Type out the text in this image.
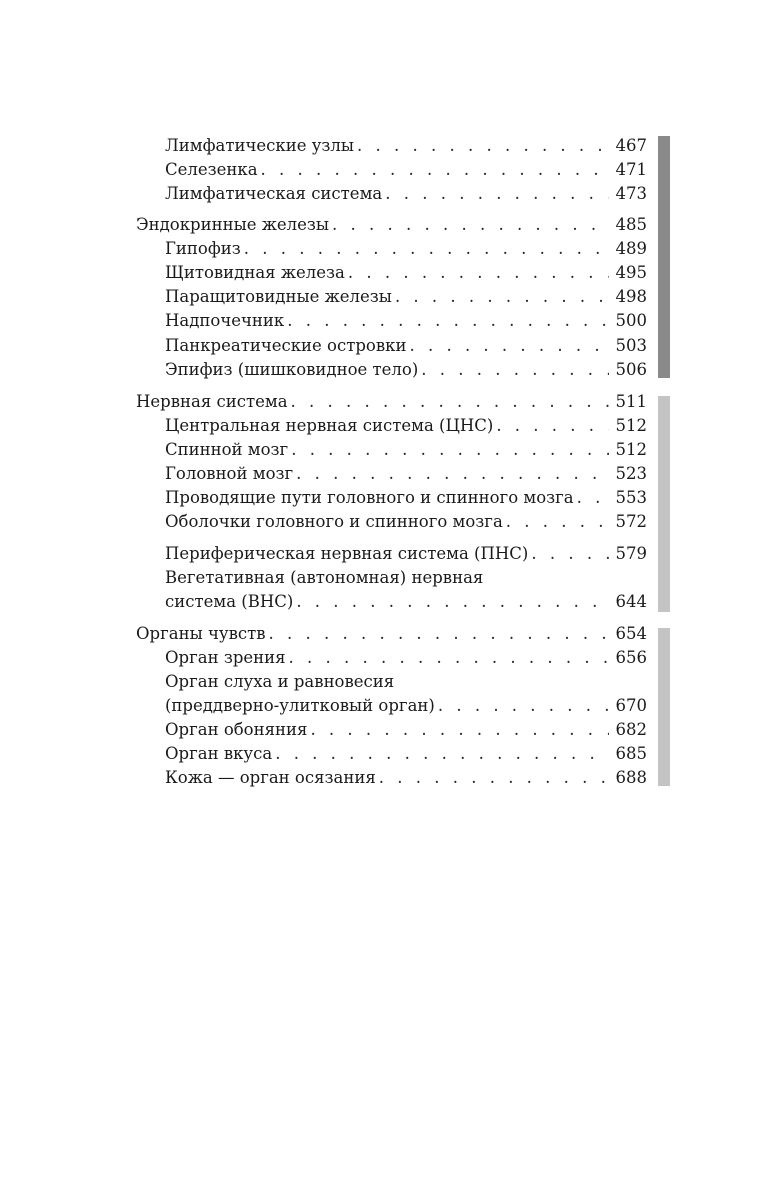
Лимфатические узлы . . .	467
Селезенка . . .	471
Лимфатическая система . . .	473
Эндокринные железы . . .	485
Гипофиз . . .	489
Щитовидная железа . . .	495
Паращитовидные железы . . .	498
Надпочечник . . .	500
Панкреатические островки . . .	503
Эпифиз (шишковидное тело) . . .	506
Нервная система . . .	511
Центральная нервная система (ЦНС) . . .	512
Спинной мозг . . .	512
Головной мозг . . .	523
Проводящие пути головного и спинного мозга . . .	553
Оболочки головного и спинного мозга . . .	572
Периферическая нервная система (ПНС) . . .	579
Вегетативная (автономная) нервная
система (ВНС) . . .	644
Органы чувств . . .	654
Орган зрения . . .	656
Орган слуха и равновесия
(преддверно-улитковый орган) . . .	670
Орган обоняния . . .	682
Орган вкуса . . .	685
Кожа — орган осязания . . .	688
